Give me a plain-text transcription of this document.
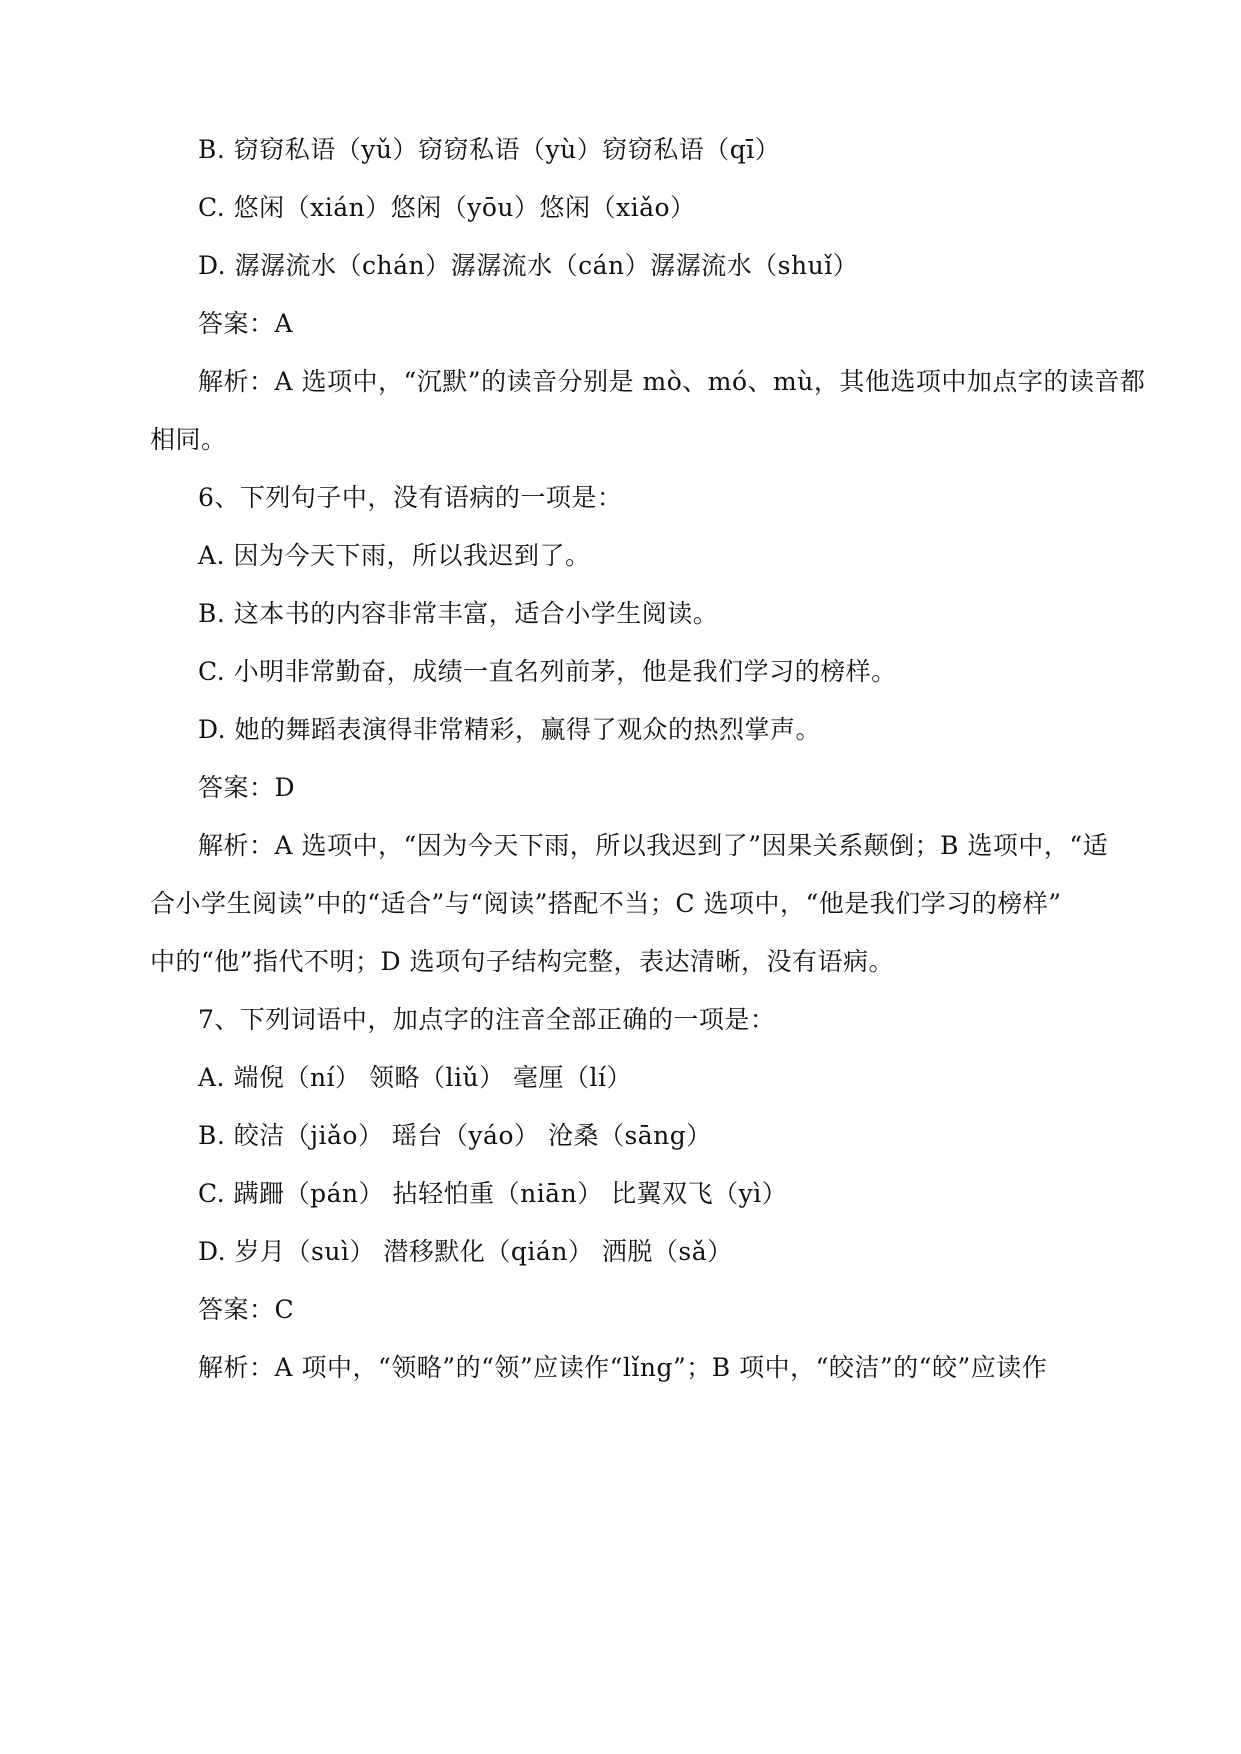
B. 窃窃私语（yǔ）窃窃私语（yù）窃窃私语（qī）
C. 悠闲（xián）悠闲（yōu）悠闲（xiǎo）
D. 潺潺流水（chán）潺潺流水（cán）潺潺流水（shuǐ）
答案：A
解析：A 选项中，“沉默”的读音分别是 mò、mó、mù，其他选项中加点字的读音都
相同。
6、下列句子中，没有语病的一项是：
A. 因为今天下雨，所以我迟到了。
B. 这本书的内容非常丰富，适合小学生阅读。
C. 小明非常勤奋，成绩一直名列前茅，他是我们学习的榜样。
D. 她的舞蹈表演得非常精彩，赢得了观众的热烈掌声。
答案：D
解析：A 选项中，“因为今天下雨，所以我迟到了”因果关系颠倒；B 选项中，“适
合小学生阅读”中的“适合”与“阅读”搭配不当；C 选项中，“他是我们学习的榜样”
中的“他”指代不明；D 选项句子结构完整，表达清晰，没有语病。
7、下列词语中，加点字的注音全部正确的一项是：
A. 端倪（ní） 领略（liǔ） 毫厘（lí）
B. 皎洁（jiǎo） 瑶台（yáo） 沧桑（sāng）
C. 蹒跚（pán） 拈轻怕重（niān） 比翼双飞（yì）
D. 岁月（suì） 潜移默化（qián） 洒脱（sǎ）
答案：C
解析：A 项中，“领略”的“领”应读作“lǐng”；B 项中，“皎洁”的“皎”应读作
